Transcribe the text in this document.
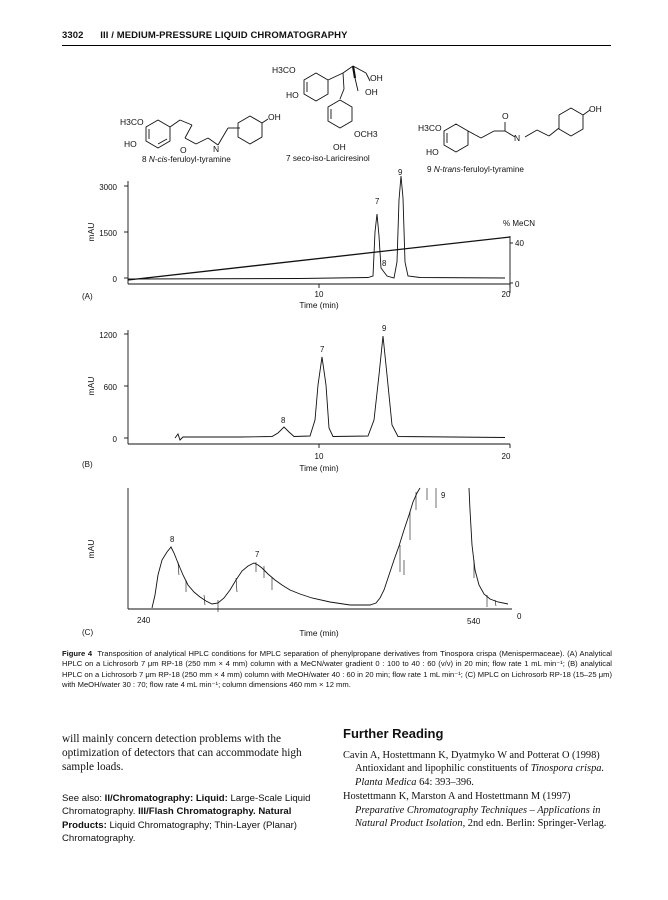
3302 III / MEDIUM-PRESSURE LIQUID CHROMATOGRAPHY
H3CO
HO
O	N
OH
8 N-cis-feruloyl-tyramine
H3CO
HO
OH
OH
OCH3
OH
7 seco-iso-Lariciresinol
H3CO
HO
O
N
OH
9 N-trans-feruloyl-tyramine
3000
1500
0
mAU
10	20
Time (min)
7
8
9
% MeCN
40
0
(A)
1200
600
0
mAU
10	20
Time (min)
8
7
9
(B)
240	540
0
mAU
Time (min)
8
7
9
(C)
Figure 4 Transposition of analytical HPLC conditions for MPLC separation of phenylpropane derivatives from Tinospora crispa (Menispermaceae). (A) Analytical HPLC on a Lichrosorb 7 μm RP-18 (250 mm × 4 mm) column with a MeCN/water gradient 0 : 100 to 40 : 60 (v/v) in 20 min; flow rate 1 mL min⁻¹; (B) analytical HPLC on a Lichrosorb 7 μm RP-18 (250 mm × 4 mm) column with MeOH/water 40 : 60 in 20 min; flow rate 1 mL min⁻¹; (C) MPLC on Lichrosorb RP-18 (15–25 μm) with MeOH/water 30 : 70; flow rate 4 mL min⁻¹; column dimensions 460 mm × 12 mm.

will mainly concern detection problems with the optimization of detectors that can accommodate high sample loads.

See also: II/Chromatography: Liquid: Large-Scale Liquid Chromatography. III/Flash Chromatography. Natural Products: Liquid Chromatography; Thin-Layer (Planar) Chromatography.
Further Reading

Cavin A, Hostettmann K, Dyatmyko W and Potterat O (1998) Antioxidant and lipophilic constituents of Tinospora crispa. Planta Medica 64: 393–396.

Hostettmann K, Marston A and Hostettmann M (1997) Preparative Chromatography Techniques – Applications in Natural Product Isolation, 2nd edn. Berlin: Springer-Verlag.
